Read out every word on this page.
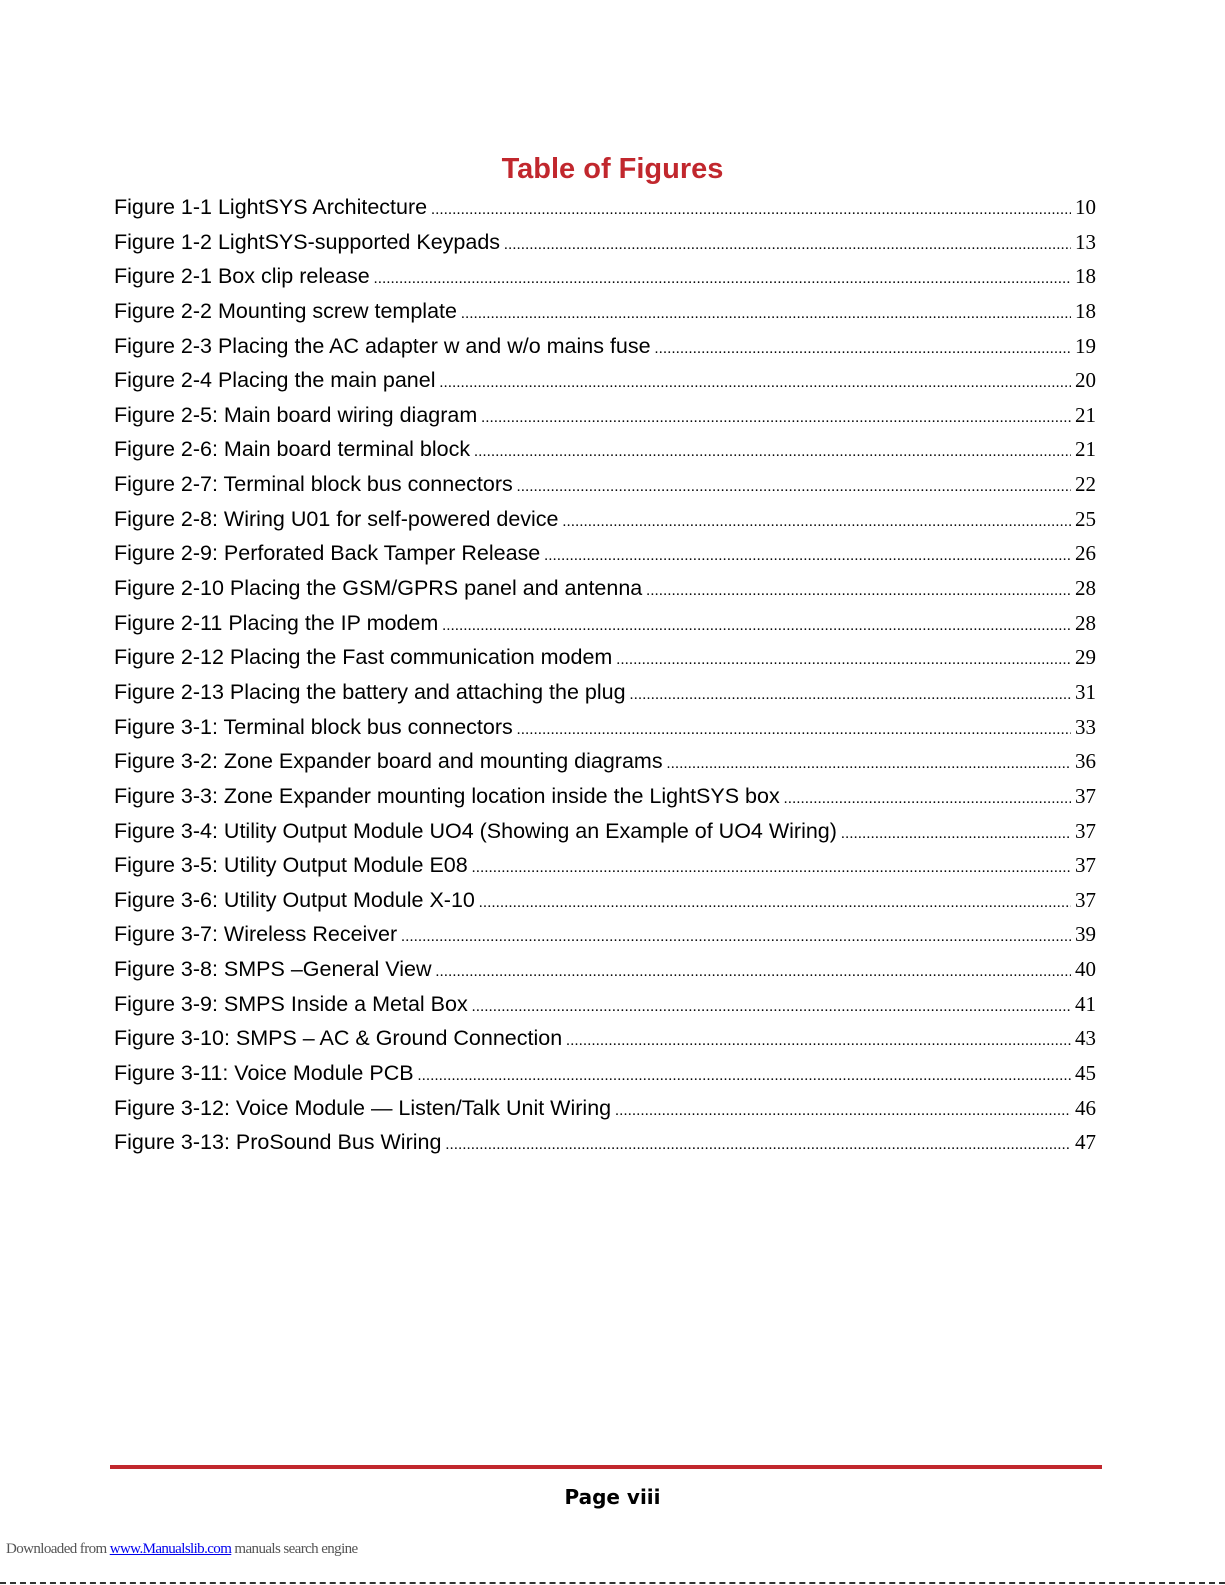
Table of Figures
Figure 1-1 LightSYS Architecture .....	10
Figure 1-2 LightSYS-supported Keypads .....	13
Figure 2-1 Box clip release .....	18
Figure 2-2 Mounting screw template .....	18
Figure 2-3 Placing the AC adapter w and w/o mains fuse .....	19
Figure 2-4 Placing the main panel .....	20
Figure 2-5: Main board wiring diagram .....	21
Figure 2-6: Main board terminal block .....	21
Figure 2-7: Terminal block bus connectors .....	22
Figure 2-8: Wiring U01 for self-powered device .....	25
Figure 2-9: Perforated Back Tamper Release .....	26
Figure 2-10 Placing the GSM/GPRS panel and antenna .....	28
Figure 2-11 Placing the IP modem .....	28
Figure 2-12 Placing the Fast communication modem .....	29
Figure 2-13 Placing the battery and attaching the plug .....	31
Figure 3-1: Terminal block bus connectors .....	33
Figure 3-2: Zone Expander board and mounting diagrams .....	36
Figure 3-3: Zone Expander mounting location inside the LightSYS box .....	37
Figure 3-4: Utility Output Module UO4 (Showing an Example of UO4 Wiring) .....	37
Figure 3-5: Utility Output Module E08 .....	37
Figure 3-6: Utility Output Module X-10 .....	37
Figure 3-7: Wireless Receiver .....	39
Figure 3-8: SMPS –General View .....	40
Figure 3-9: SMPS Inside a Metal Box .....	41
Figure 3-10: SMPS – AC & Ground Connection .....	43
Figure 3-11: Voice Module PCB .....	45
Figure 3-12: Voice Module — Listen/Talk Unit Wiring .....	46
Figure 3-13: ProSound Bus Wiring .....	47
Page viii
Downloaded from www.Manualslib.com manuals search engine
